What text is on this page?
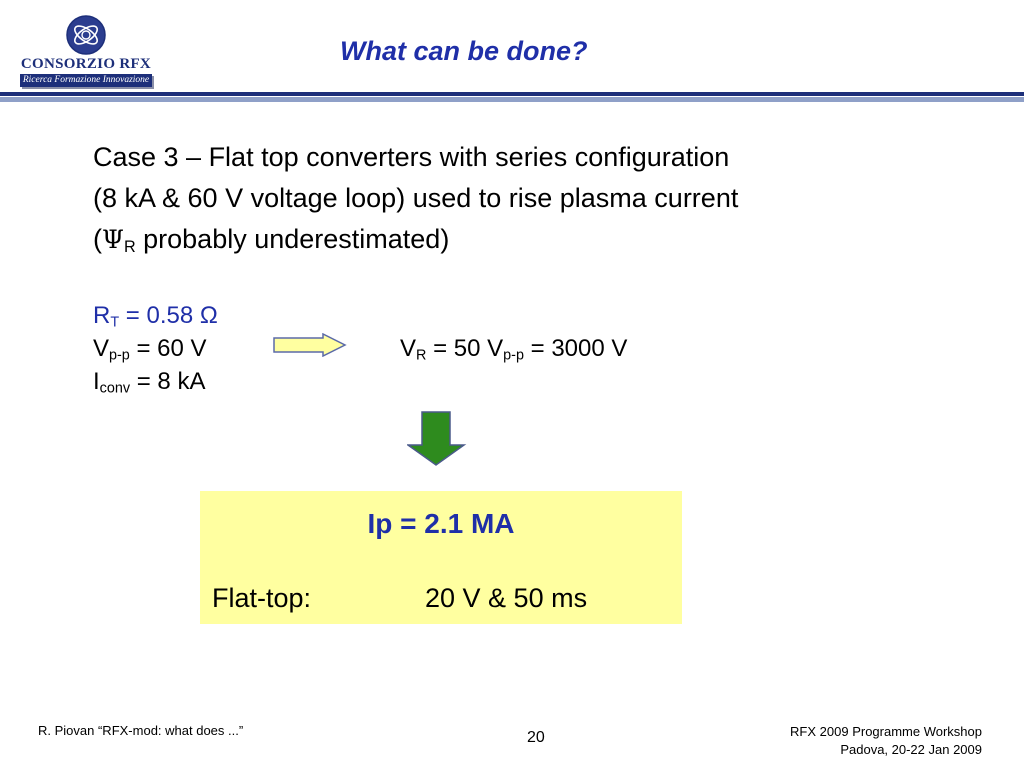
CONSORZIO RFX
Ricerca Formazione Innovazione
What can be done?
Case 3 – Flat top converters with series configuration
(8 kA & 60 V voltage loop) used to rise plasma current
($\Psi_R$ probably underestimated)
$R_T = 0.58$ Ω
$V_{p-p} = 60$ V
$I_{conv} = 8$ kA
$V_R = 50$ $V_{p-p} = 3000$ V
Ip = 2.1 MA
Flat-top:	20 V & 50 ms
R. Piovan “RFX-mod: what does ...”	20	RFX 2009 Programme Workshop
Padova, 20-22 Jan 2009
